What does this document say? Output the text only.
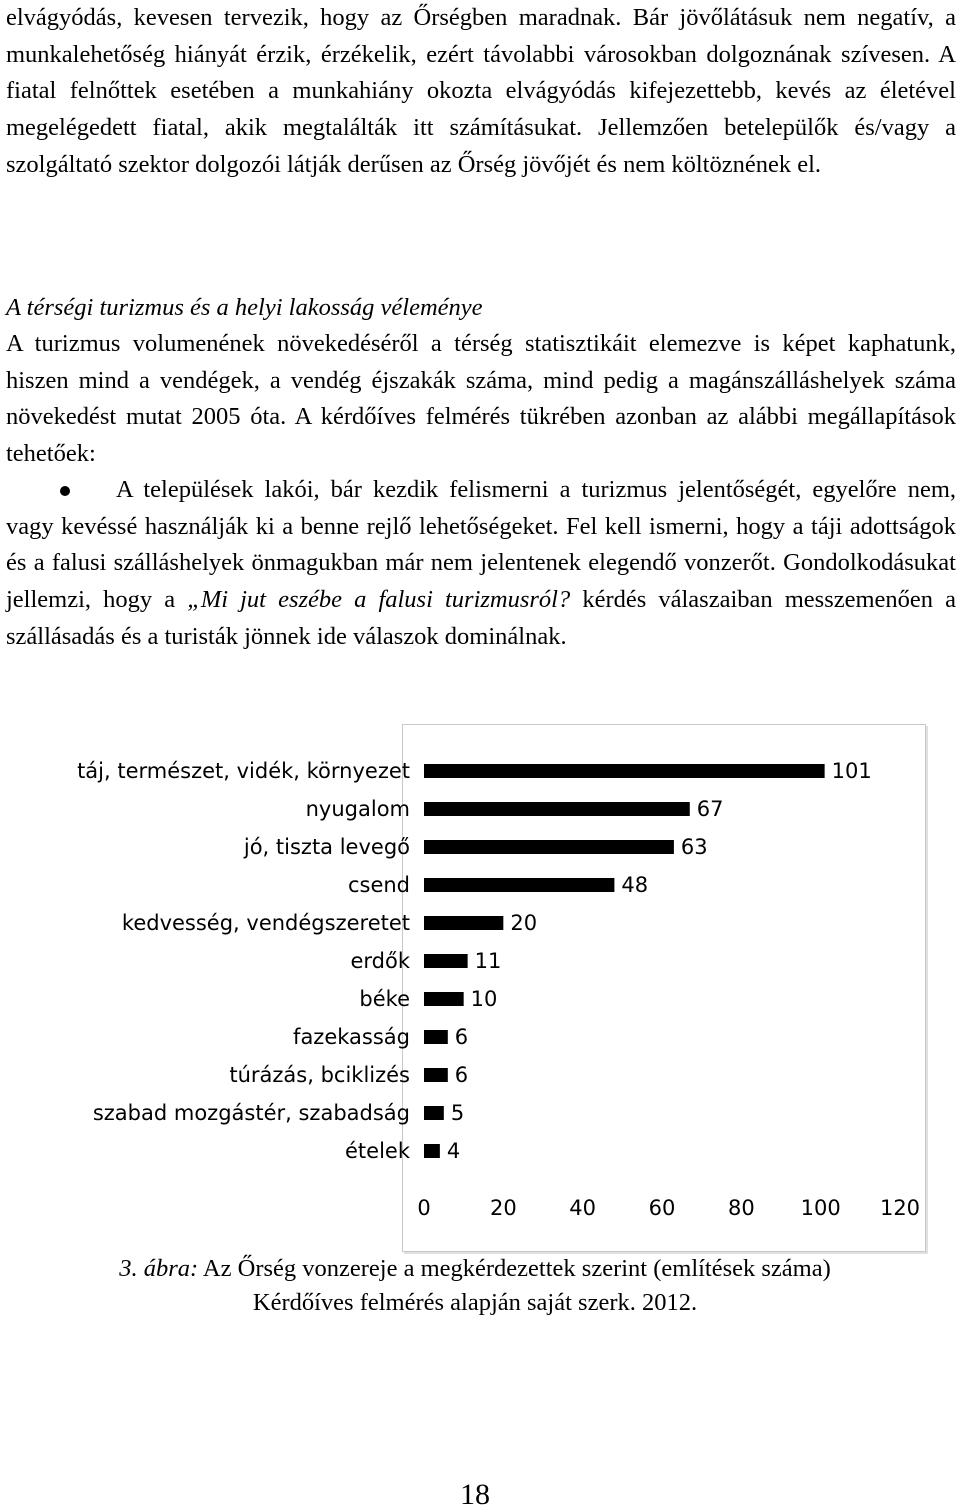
elvágyódás, kevesen tervezik, hogy az Őrségben maradnak. Bár jövőlátásuk nem negatív, a munkalehetőség hiányát érzik, érzékelik, ezért távolabbi városokban dolgoznának szívesen. A fiatal felnőttek esetében a munkahiány okozta elvágyódás kifejezettebb, kevés az életével megelégedett fiatal, akik megtalálták itt számításukat. Jellemzően betelepülők és/vagy a szolgáltató szektor dolgozói látják derűsen az Őrség jövőjét és nem költöznének el.

A térségi turizmus és a helyi lakosság véleménye

A turizmus volumenének növekedéséről a térség statisztikáit elemezve is képet kaphatunk, hiszen mind a vendégek, a vendég éjszakák száma, mind pedig a magánszálláshelyek száma növekedést mutat 2005 óta. A kérdőíves felmérés tükrében azonban az alábbi megállapítások tehetőek:

A települések lakói, bár kezdik felismerni a turizmus jelentőségét, egyelőre nem, vagy kevéssé használják ki a benne rejlő lehetőségeket. Fel kell ismerni, hogy a táji adottságok és a falusi szálláshelyek önmagukban már nem jelentenek elegendő vonzerőt. Gondolkodásukat jellemzi, hogy a „Mi jut eszébe a falusi turizmusról? kérdés válaszaiban messzemenően a szállásadás és a turisták jönnek ide válaszok dominálnak.

táj, természet, vidék, környezet	101
nyugalom	67
jó, tiszta levegő	63
csend	48
kedvesség, vendégszeretet	20
erdők	11
béke	10
fazekasság 6
túrázás, bciklizés 6
szabad mozgástér, szabadság 5
ételek 4
0	20	40	60	80 100 120
3. ábra: Az Őrség vonzereje a megkérdezettek szerint (említések száma)
Kérdőíves felmérés alapján saját szerk. 2012.
18
